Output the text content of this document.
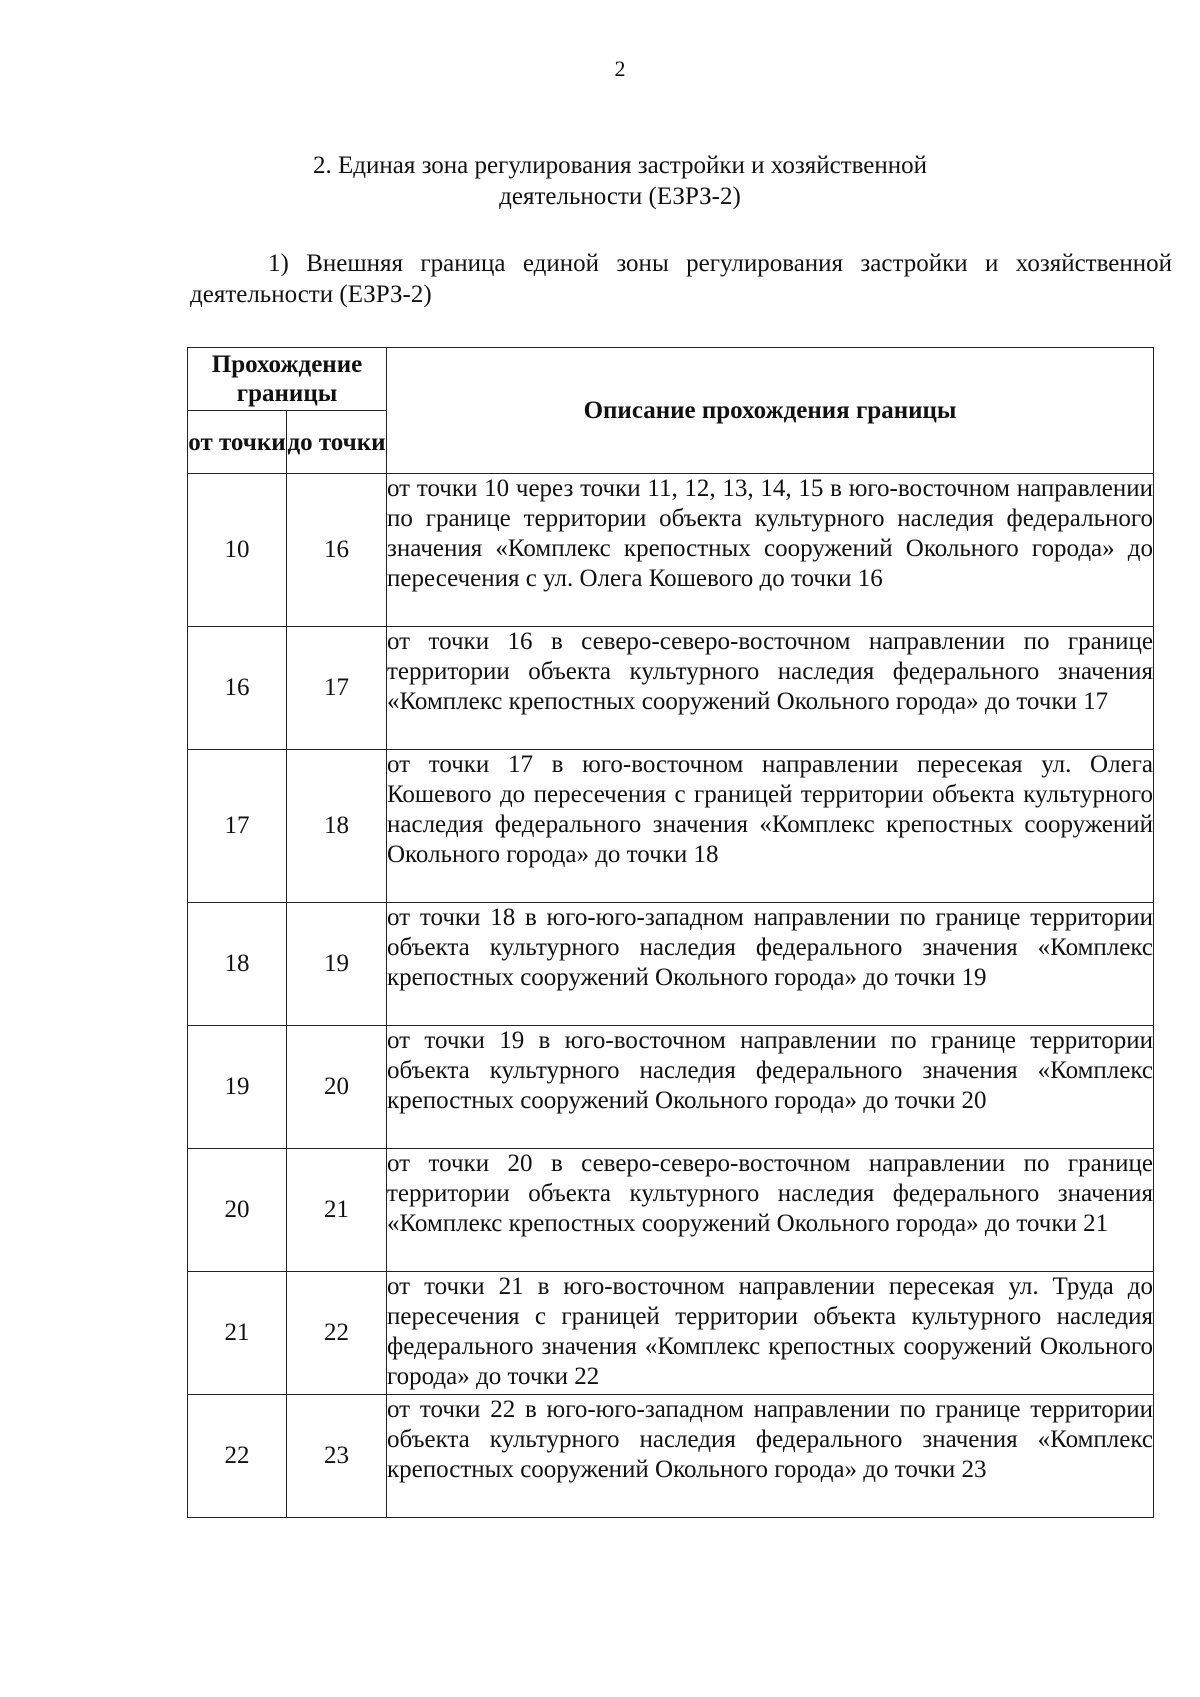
2
2. Единая зона регулирования застройки и хозяйственной
деятельности (ЕЗРЗ-2)

1) Внешняя граница единой зоны регулирования застройки и хозяйственной деятельности (ЕЗРЗ-2)

Прохождение границы		Описание прохождения границы
от точки	до точки	
10	16	от точки 10 через точки 11, 12, 13, 14, 15 в юго-восточном направлении по границе территории объекта культурного наследия федерального значения «Комплекс крепостных сооружений Окольного города» до пересечения с ул. Олега Кошевого до точки 16
16	17	от точки 16 в северо-северо-восточном направлении по границе территории объекта культурного наследия федерального значения «Комплекс крепостных сооружений Окольного города» до точки 17
17	18	от точки 17 в юго-восточном направлении пересекая ул. Олега Кошевого до пересечения с границей территории объекта культурного наследия федерального значения «Комплекс крепостных сооружений Окольного города» до точки 18
18	19	от точки 18 в юго-юго-западном направлении по границе территории объекта культурного наследия федерального значения «Комплекс крепостных сооружений Окольного города» до точки 19
19	20	от точки 19 в юго-восточном направлении по границе территории объекта культурного наследия федерального значения «Комплекс крепостных сооружений Окольного города» до точки 20
20	21	от точки 20 в северо-северо-восточном направлении по границе территории объекта культурного наследия федерального значения «Комплекс крепостных сооружений Окольного города» до точки 21
21	22	от точки 21 в юго-восточном направлении пересекая ул. Труда до пересечения с границей территории объекта культурного наследия федерального значения «Комплекс крепостных сооружений Окольного города» до точки 22
22	23	от точки 22 в юго-юго-западном направлении по границе территории объекта культурного наследия федерального значения «Комплекс крепостных сооружений Окольного города» до точки 23
